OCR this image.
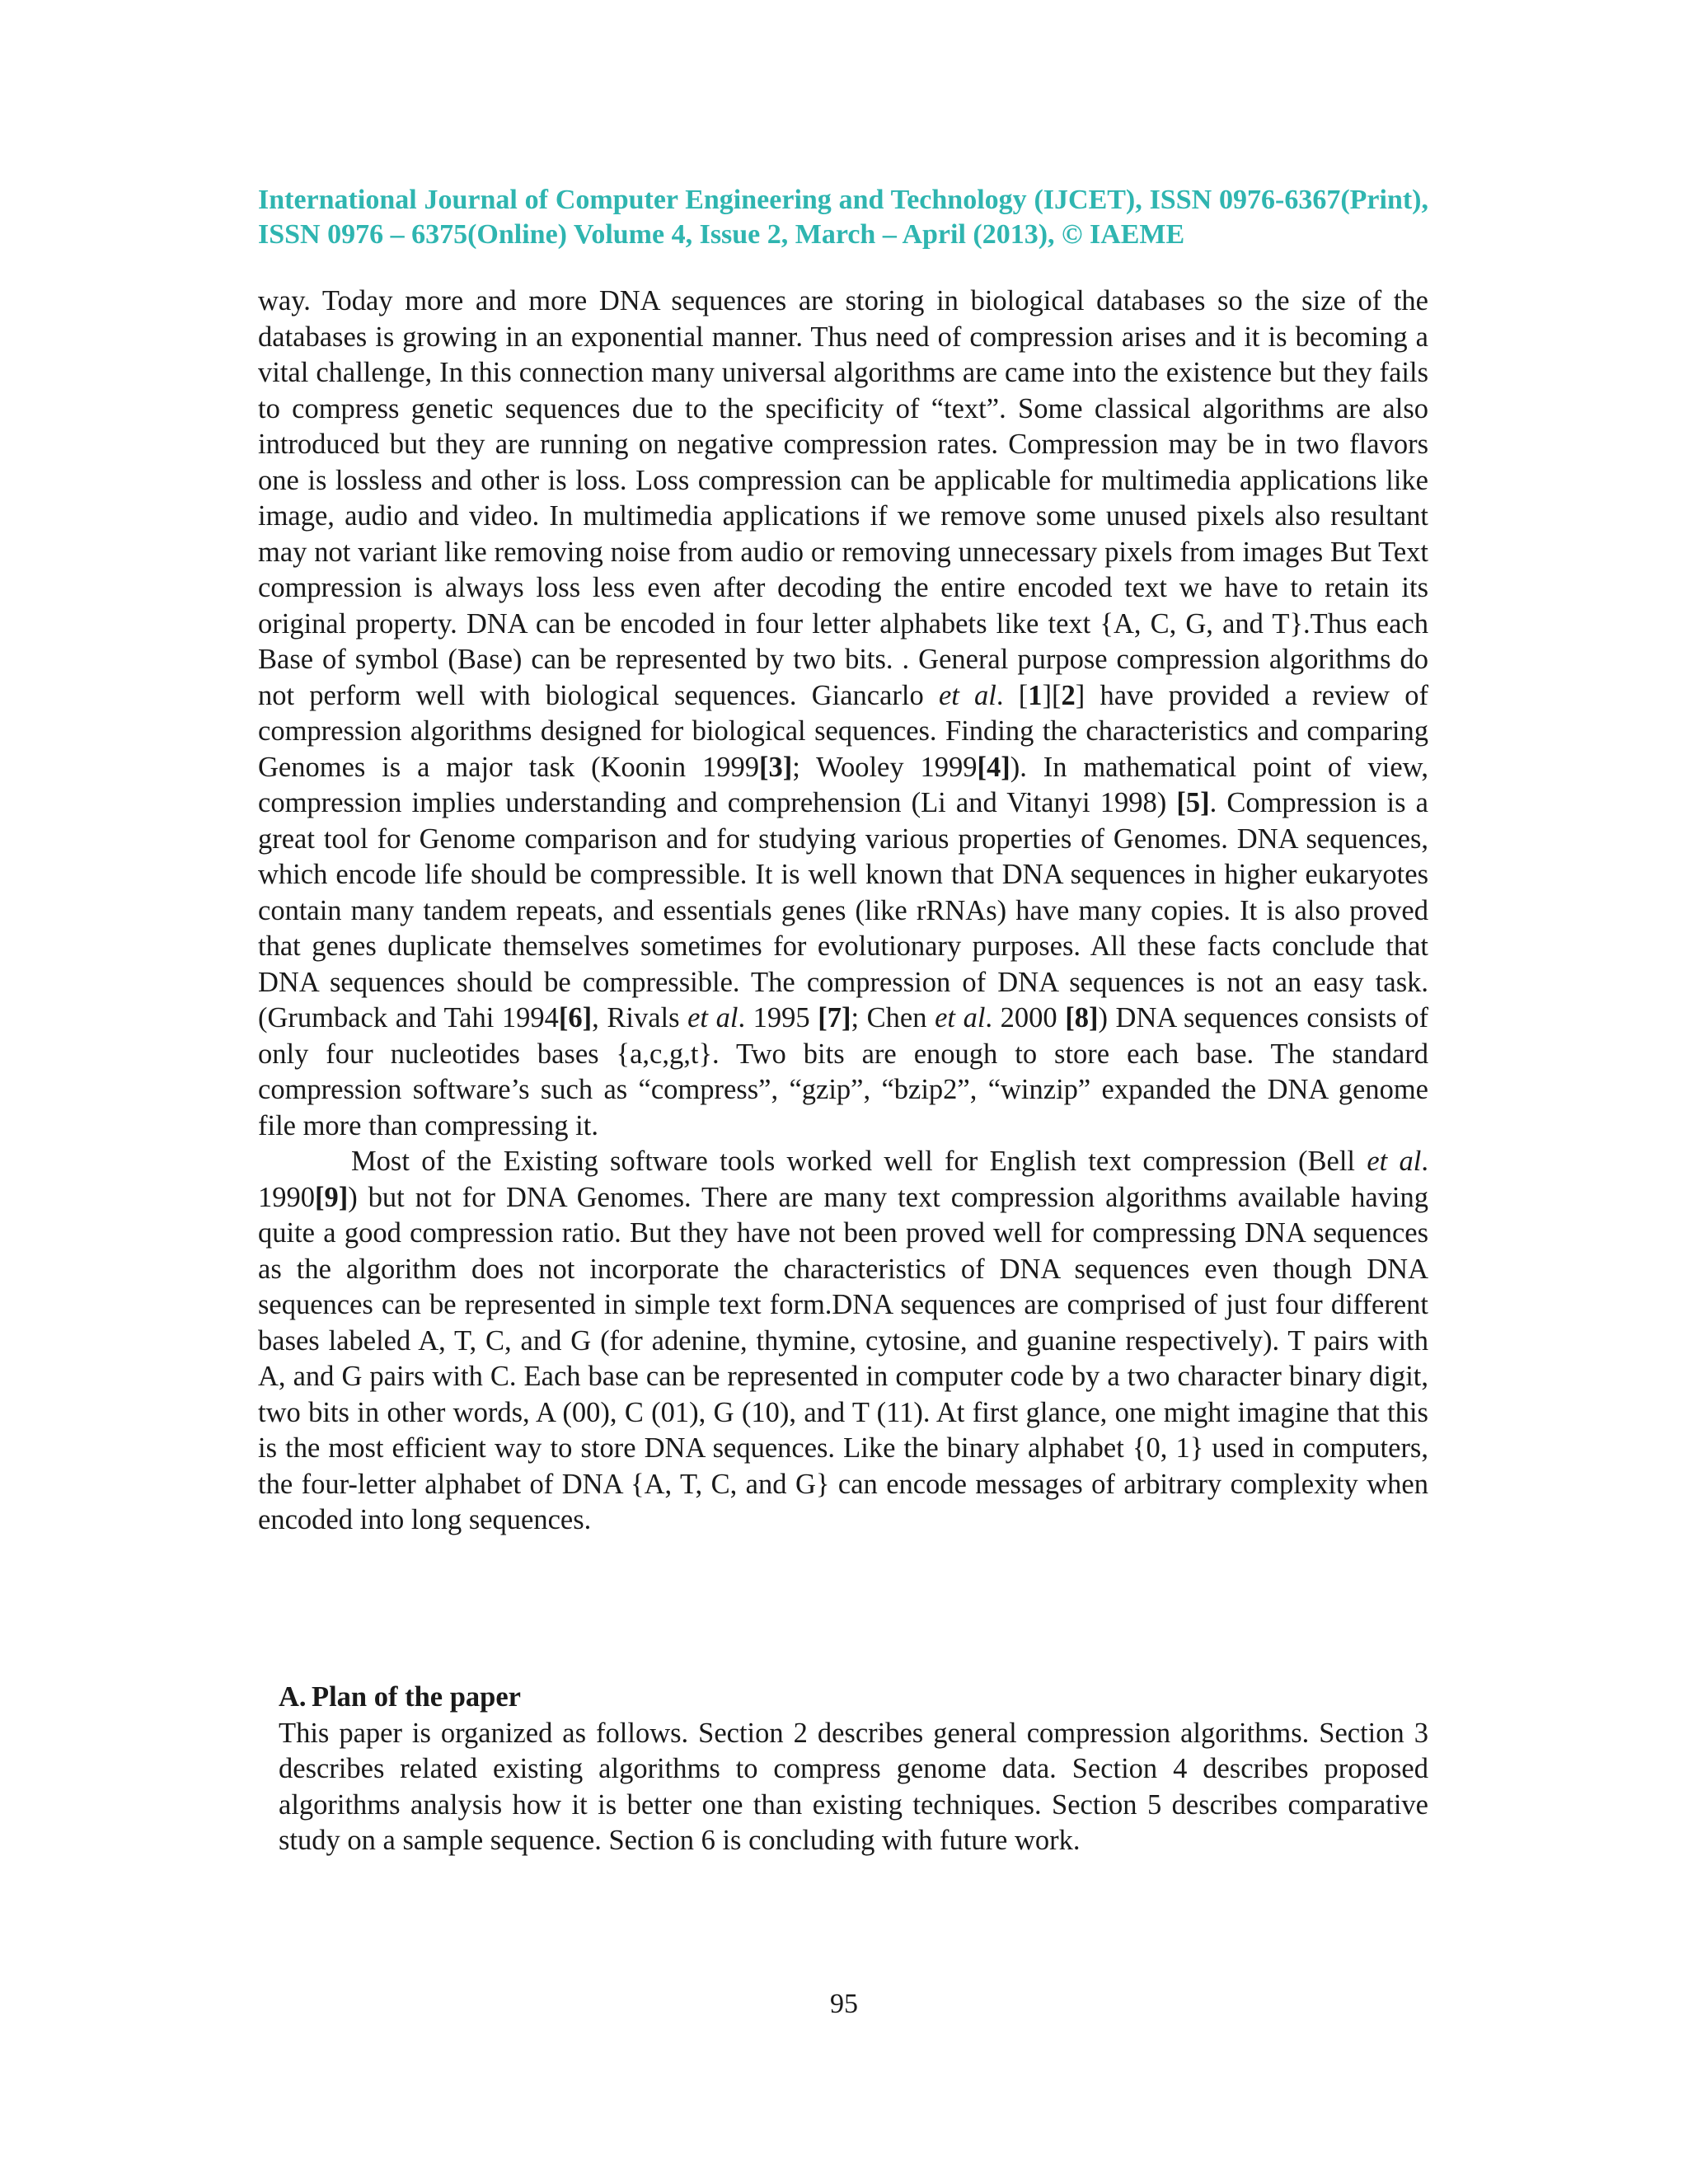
International Journal of Computer Engineering and Technology (IJCET), ISSN 0976-6367(Print), ISSN 0976 – 6375(Online) Volume 4, Issue 2, March – April (2013), © IAEME

way. Today more and more DNA sequences are storing in biological databases so the size of the databases is growing in an exponential manner. Thus need of compression arises and it is becoming a vital challenge, In this connection many universal algorithms are came into the existence but they fails to compress genetic sequences due to the specificity of “text”. Some classical algorithms are also introduced but they are running on negative compression rates. Compression may be in two flavors one is lossless and other is loss. Loss compression can be applicable for multimedia applications like image, audio and video. In multimedia applications if we remove some unused pixels also resultant may not variant like removing noise from audio or removing unnecessary pixels from images But Text compression is always loss less even after decoding the entire encoded text we have to retain its original property. DNA can be encoded in four letter alphabets like text {A, C, G, and T}.Thus each Base of symbol (Base) can be represented by two bits. . General purpose compression algorithms do not perform well with biological sequences. Giancarlo et al. [1][2] have provided a review of compression algorithms designed for biological sequences. Finding the characteristics and comparing Genomes is a major task (Koonin 1999[3]; Wooley 1999[4]). In mathematical point of view, compression implies understanding and comprehension (Li and Vitanyi 1998) [5]. Compression is a great tool for Genome comparison and for studying various properties of Genomes. DNA sequences, which encode life should be compressible. It is well known that DNA sequences in higher eukaryotes contain many tandem repeats, and essentials genes (like rRNAs) have many copies. It is also proved that genes duplicate themselves sometimes for evolutionary purposes. All these facts conclude that DNA sequences should be compressible. The compression of DNA sequences is not an easy task. (Grumback and Tahi 1994[6], Rivals et al. 1995 [7]; Chen et al. 2000 [8]) DNA sequences consists of only four nucleotides bases {a,c,g,t}. Two bits are enough to store each base. The standard compression software’s such as “compress”, “gzip”, “bzip2”, “winzip” expanded the DNA genome file more than compressing it.

Most of the Existing software tools worked well for English text compression (Bell et al. 1990[9]) but not for DNA Genomes. There are many text compression algorithms available having quite a good compression ratio. But they have not been proved well for compressing DNA sequences as the algorithm does not incorporate the characteristics of DNA sequences even though DNA sequences can be represented in simple text form.DNA sequences are comprised of just four different bases labeled A, T, C, and G (for adenine, thymine, cytosine, and guanine respectively). T pairs with A, and G pairs with C. Each base can be represented in computer code by a two character binary digit, two bits in other words, A (00), C (01), G (10), and T (11). At first glance, one might imagine that this is the most efficient way to store DNA sequences. Like the binary alphabet {0, 1} used in computers, the four-letter alphabet of DNA {A, T, C, and G} can encode messages of arbitrary complexity when encoded into long sequences.

A. Plan of the paper

This paper is organized as follows. Section 2 describes general compression algorithms. Section 3 describes related existing algorithms to compress genome data. Section 4 describes proposed algorithms analysis how it is better one than existing techniques. Section 5 describes comparative study on a sample sequence. Section 6 is concluding with future work.

95
